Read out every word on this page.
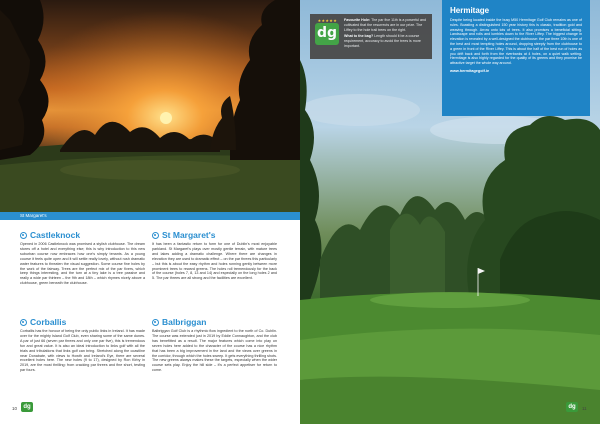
St Margaret's
Castleknock

Opened in 2006 Castleknock was promised a stylish clubhouse. The dream stores off a hotel and everything else; this is why introduction to this new suburban course now embraces how one's simply tenants. As a young course it feels quite open and it will settle really lovely, without rush dramatic water features to threaten the visual suggestion. Some course fine holes by the work of the fairway. Trees are the perfect mix of the par fivers, which keep things interesting, and the turn at a tiny lake is a tree passive and really a wide par thirteen – the 9th and 18th – which rhymes nicely above a clubhouse, green beneath the clubhouse.

St Margaret's

It has been a fantastic return to form for one of Dublin's most enjoyable parkland. St Margaret's plays over mostly gentle terrain, with mature trees and lakes adding a dramatic challenge. Where there are changes in elevation they are used to dramatic effect – on the par threes this particularly – but this is about the easy rhythm and holes running gently between more prominent trees to reward greens. The holes roll tremendously for the back of the course (holes 7, 8, 13 and 14) and especially on the long holes 2 and 5. The par threes are all strong and the facilities are excellent.

Corballis

Corballis has the honour of being the only public links in Ireland. It has made over for the mighty Island Golf Club, even sharing some of the same dunes. A par of just 66 (seven par threes and only one par five), this is tremendous fun and great value. It is also an ideal introduction to links golf with all the trials and tribulations that links golf can bring. Stretched along the coastline near Donabate, with views to Howth and Ireland's Eye, there are several excellent holes here. The new holes (9 to 17), designed by Ron Kirby in 2019, are the most thrilling: from cracking par threes and fine short, testing par fours.

Balbriggan

Balbriggan Golf Club is a rhythmic flow ingredient to the north of Co. Dublin. The course was extended just in 2019 by Eddie Connaughton, and the club has benefitted as a result. The major features which come into play on seven holes here added to the character of the course has a nice rhythm that has been a big improvement in the land and the views over greens in the corridor, through which the holes sweep. It gets everything thrilling shots. The new greens always makes these the targets, especially when the wider course sets play. Enjoy the hill side – it's a perfect appetiser for return to come.

10	dg
★ ★ ★ ★ ★
dg

Favourite Hole: The par five 11th is a powerful and cultivated that the resurrects are in our prize. The Liffey to the hole trail trees on the right.

What to the bag? Length should it be a course requirement, accuracy to avoid the trees is more important.

Hermitage

Despite being located inside the busy M50 Hermitage Golf Club remains as one of rules. Boasting a distinguished 150 year history this is classic, tradition gold and weaving through. Arrow onto lots of trees. It also promises a beneficial sitting. Landscape and rolls and lumbles down to the River Liffey. The biggest change in elevation is revealed by a well-designed the clubhouse: the par three 10th is one of the best and most tempting holes around, dropping steeply from the clubhouse to a green in front of the River Liffey. This is about the half of the best run of holes as you drift back and forth from the riverbanks at 4 holes, on a quiet walk setting. Hermitage is also highly regarded for the quality of its greens and they promise be attractive target the whole way around.

www.hermitagegolf.ie
dg	11
